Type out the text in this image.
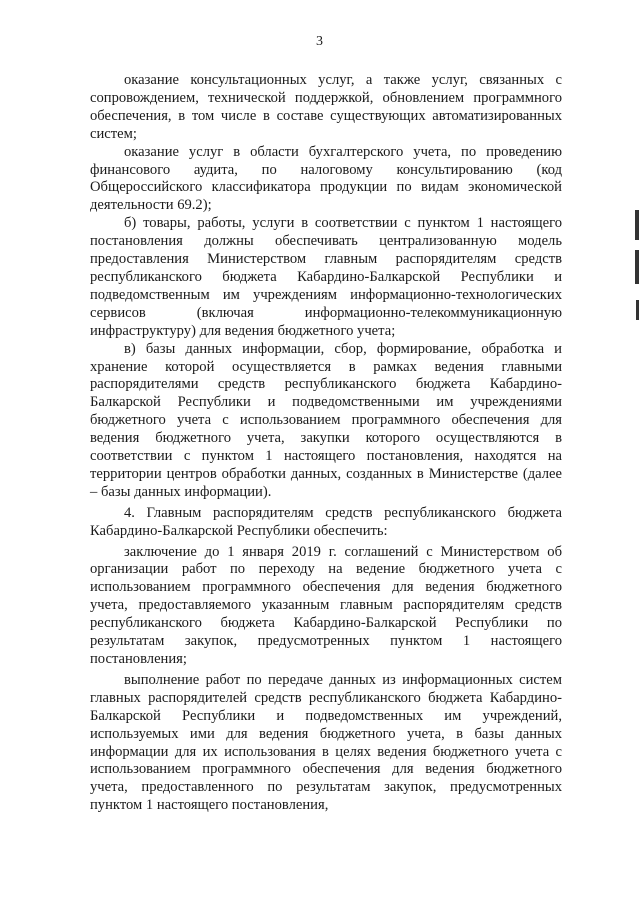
3

оказание консультационных услуг, а также услуг, связанных с сопровождением, технической поддержкой, обновлением программного обеспечения, в том числе в составе существующих автоматизированных систем;

оказание услуг в области бухгалтерского учета, по проведению финансового аудита, по налоговому консультированию (код Общероссийского классификатора продукции по видам экономической деятельности 69.2);

б) товары, работы, услуги в соответствии с пунктом 1 настоящего постановления должны обеспечивать централизованную модель предоставления Министерством главным распорядителям средств республиканского бюджета Кабардино-Балкарской Республики и подведомственным им учреждениям информационно-технологических сервисов (включая информационно-телекоммуникационную инфраструктуру) для ведения бюджетного учета;

в) базы данных информации, сбор, формирование, обработка и хранение которой осуществляется в рамках ведения главными распорядителями средств республиканского бюджета Кабардино-Балкарской Республики и подведомственными им учреждениями бюджетного учета с использованием программного обеспечения для ведения бюджетного учета, закупки которого осуществляются в соответствии с пунктом 1 настоящего постановления, находятся на территории центров обработки данных, созданных в Министерстве (далее – базы данных информации).

4. Главным распорядителям средств республиканского бюджета Кабардино-Балкарской Республики обеспечить:

заключение до 1 января 2019 г. соглашений с Министерством об организации работ по переходу на ведение бюджетного учета с использованием программного обеспечения для ведения бюджетного учета, предоставляемого указанным главным распорядителям средств республиканского бюджета Кабардино-Балкарской Республики по результатам закупок, предусмотренных пунктом 1 настоящего постановления;

выполнение работ по передаче данных из информационных систем главных распорядителей средств республиканского бюджета Кабардино-Балкарской Республики и подведомственных им учреждений, используемых ими для ведения бюджетного учета, в базы данных информации для их использования в целях ведения бюджетного учета с использованием программного обеспечения для ведения бюджетного учета, предоставленного по результатам закупок, предусмотренных пунктом 1 настоящего постановления,
